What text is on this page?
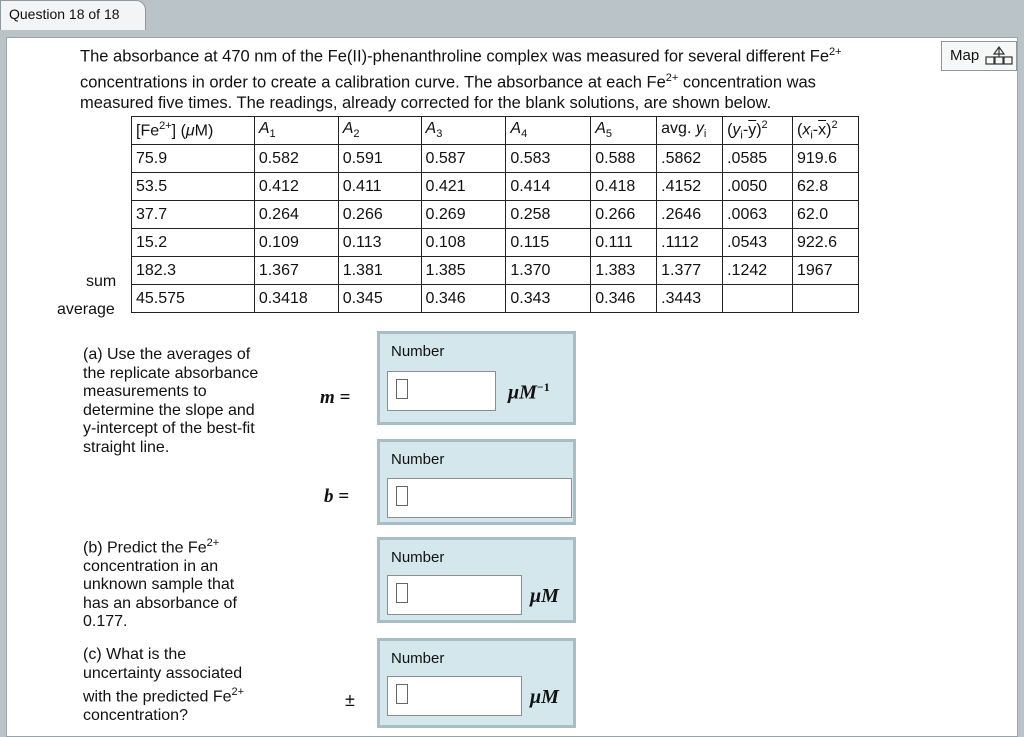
Question 18 of 18
Map
The absorbance at 470 nm of the Fe(II)-phenanthroline complex was measured for several different $Fe^{2+}$
concentrations in order to create a calibration curve. The absorbance at each $Fe^{2+}$ concentration was
measured five times. The readings, already corrected for the blank solutions, are shown below.
$[Fe^{2+}]$ (μM)	$A_1$	$A_2$	$A_3$	$A_4$	$A_5$	avg. $y_i$	$(y_i-\overline{y})^2$	$(x_i-\overline{x})^2$
75.9	0.582	0.591	0.587	0.583	0.588	.5862	.0585	919.6
53.5	0.412	0.411	0.421	0.414	0.418	.4152	.0050	62.8
37.7	0.264	0.266	0.269	0.258	0.266	.2646	.0063	62.0
15.2	0.109	0.113	0.108	0.115	0.111	.1112	.0543	922.6
182.3	1.367	1.381	1.385	1.370	1.383	1.377	.1242	1967
45.575	0.3418	0.345	0.346	0.343	0.346	.3443		
sum
average
(a) Use the averages of
the replicate absorbance
measurements to
determine the slope and
y-intercept of the best-fit
straight line.
m =
Number
$\mu M^{-1}$
b =
Number
(b) Predict the $Fe^{2+}$
concentration in an
unknown sample that
has an absorbance of
0.177.
Number
μM
(c) What is the
uncertainty associated
with the predicted $Fe^{2+}$
concentration?
±
Number
μM
